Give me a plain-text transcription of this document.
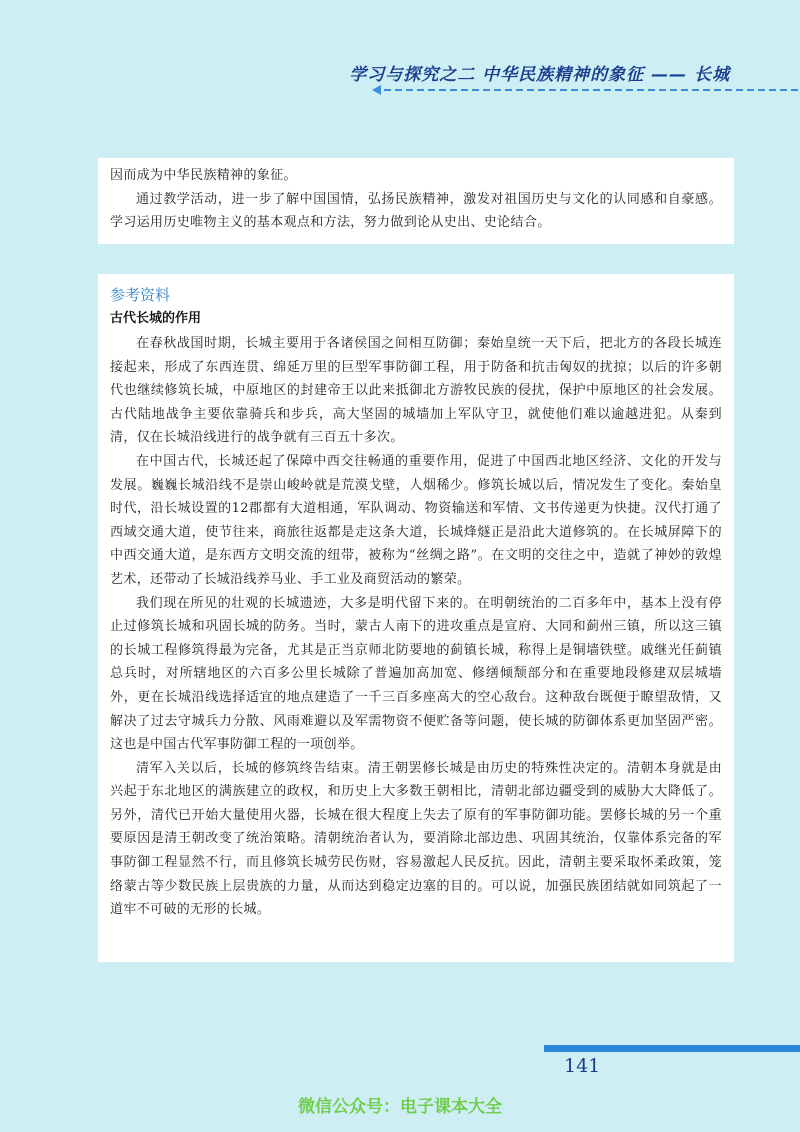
学习与探究之二 中华民族精神的象征 —— 长城

因而成为中华民族精神的象征。

通过教学活动，进一步了解中国国情，弘扬民族精神，激发对祖国历史与文化的认同感和自豪感。学习运用历史唯物主义的基本观点和方法，努力做到论从史出、史论结合。

参考资料
古代长城的作用

在春秋战国时期，长城主要用于各诸侯国之间相互防御；秦始皇统一天下后，把北方的各段长城连接起来，形成了东西连贯、绵延万里的巨型军事防御工程，用于防备和抗击匈奴的扰掠；以后的许多朝代也继续修筑长城，中原地区的封建帝王以此来抵御北方游牧民族的侵扰，保护中原地区的社会发展。古代陆地战争主要依靠骑兵和步兵，高大坚固的城墙加上军队守卫，就使他们难以逾越进犯。从秦到清，仅在长城沿线进行的战争就有三百五十多次。

在中国古代，长城还起了保障中西交往畅通的重要作用，促进了中国西北地区经济、文化的开发与发展。巍巍长城沿线不是崇山峻岭就是荒漠戈壁，人烟稀少。修筑长城以后，情况发生了变化。秦始皇时代，沿长城设置的12郡都有大道相通，军队调动、物资输送和军情、文书传递更为快捷。汉代打通了西域交通大道，使节往来，商旅往返都是走这条大道，长城烽燧正是沿此大道修筑的。在长城屏障下的中西交通大道，是东西方文明交流的纽带，被称为“丝绸之路”。在文明的交往之中，造就了神妙的敦煌艺术，还带动了长城沿线养马业、手工业及商贸活动的繁荣。

我们现在所见的壮观的长城遗迹，大多是明代留下来的。在明朝统治的二百多年中，基本上没有停止过修筑长城和巩固长城的防务。当时，蒙古人南下的进攻重点是宣府、大同和蓟州三镇，所以这三镇的长城工程修筑得最为完备，尤其是正当京师北防要地的蓟镇长城，称得上是铜墙铁壁。戚继光任蓟镇总兵时，对所辖地区的六百多公里长城除了普遍加高加宽、修缮倾颓部分和在重要地段修建双层城墙外，更在长城沿线选择适宜的地点建造了一千三百多座高大的空心敌台。这种敌台既便于瞭望敌情，又解决了过去守城兵力分散、风雨难避以及军需物资不便贮备等问题，使长城的防御体系更加坚固严密。这也是中国古代军事防御工程的一项创举。

清军入关以后，长城的修筑终告结束。清王朝罢修长城是由历史的特殊性决定的。清朝本身就是由兴起于东北地区的满族建立的政权，和历史上大多数王朝相比，清朝北部边疆受到的威胁大大降低了。另外，清代已开始大量使用火器，长城在很大程度上失去了原有的军事防御功能。罢修长城的另一个重要原因是清王朝改变了统治策略。清朝统治者认为，要消除北部边患、巩固其统治，仅靠体系完备的军事防御工程显然不行，而且修筑长城劳民伤财，容易激起人民反抗。因此，清朝主要采取怀柔政策，笼络蒙古等少数民族上层贵族的力量，从而达到稳定边塞的目的。可以说，加强民族团结就如同筑起了一道牢不可破的无形的长城。

141
微信公众号：电子课本大全
